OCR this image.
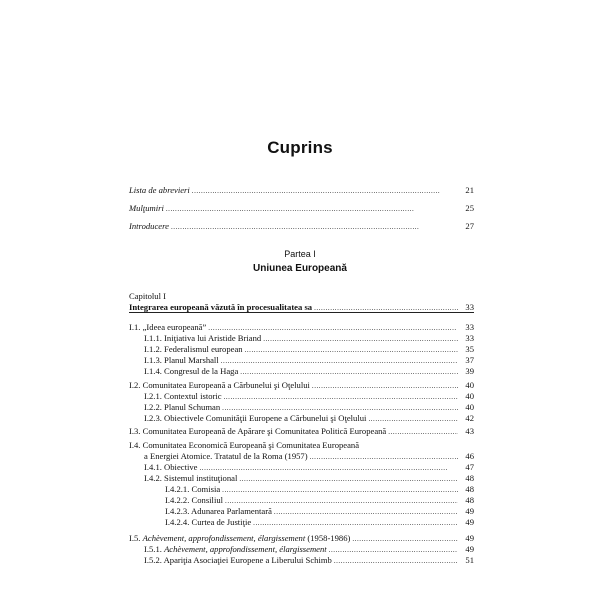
Cuprins
Lista de abrevieri . . .	21
Mulţumiri . . .	25
Introducere . . .	27
Partea I
Uniunea Europeană
Capitolul I
Integrarea europeană văzută în procesualitatea sa . . .	33
I.1. „Ideea europeană” . . .	33
I.1.1. Iniţiativa lui Aristide Briand . . .	33
I.1.2. Federalismul european . . .	35
I.1.3. Planul Marshall . . .	37
I.1.4. Congresul de la Haga . . .	39
I.2. Comunitatea Europeană a Cărbunelui şi Oţelului . . .	40
I.2.1. Contextul istoric . . .	40
I.2.2. Planul Schuman . . .	40
I.2.3. Obiectivele Comunităţii Europene a Cărbunelui şi Oţelului . . .	42
I.3. Comunitatea Europeană de Apărare şi Comunitatea Politică Europeană . . .	43
I.4. Comunitatea Economică Europeană şi Comunitatea Europeană
a Energiei Atomice. Tratatul de la Roma (1957) . . .	46
I.4.1. Obiective . . .	47
I.4.2. Sistemul instituţional . . .	48
I.4.2.1. Comisia . . .	48
I.4.2.2. Consiliul . . .	48
I.4.2.3. Adunarea Parlamentară . . .	49
I.4.2.4. Curtea de Justiţie . . .	49
I.5. Achèvement, approfondissement, élargissement (1958-1986) . . .	49
I.5.1. Achèvement, approfondissement, élargissement . . .	49
I.5.2. Apariţia Asociaţiei Europene a Liberului Schimb . . .	51
